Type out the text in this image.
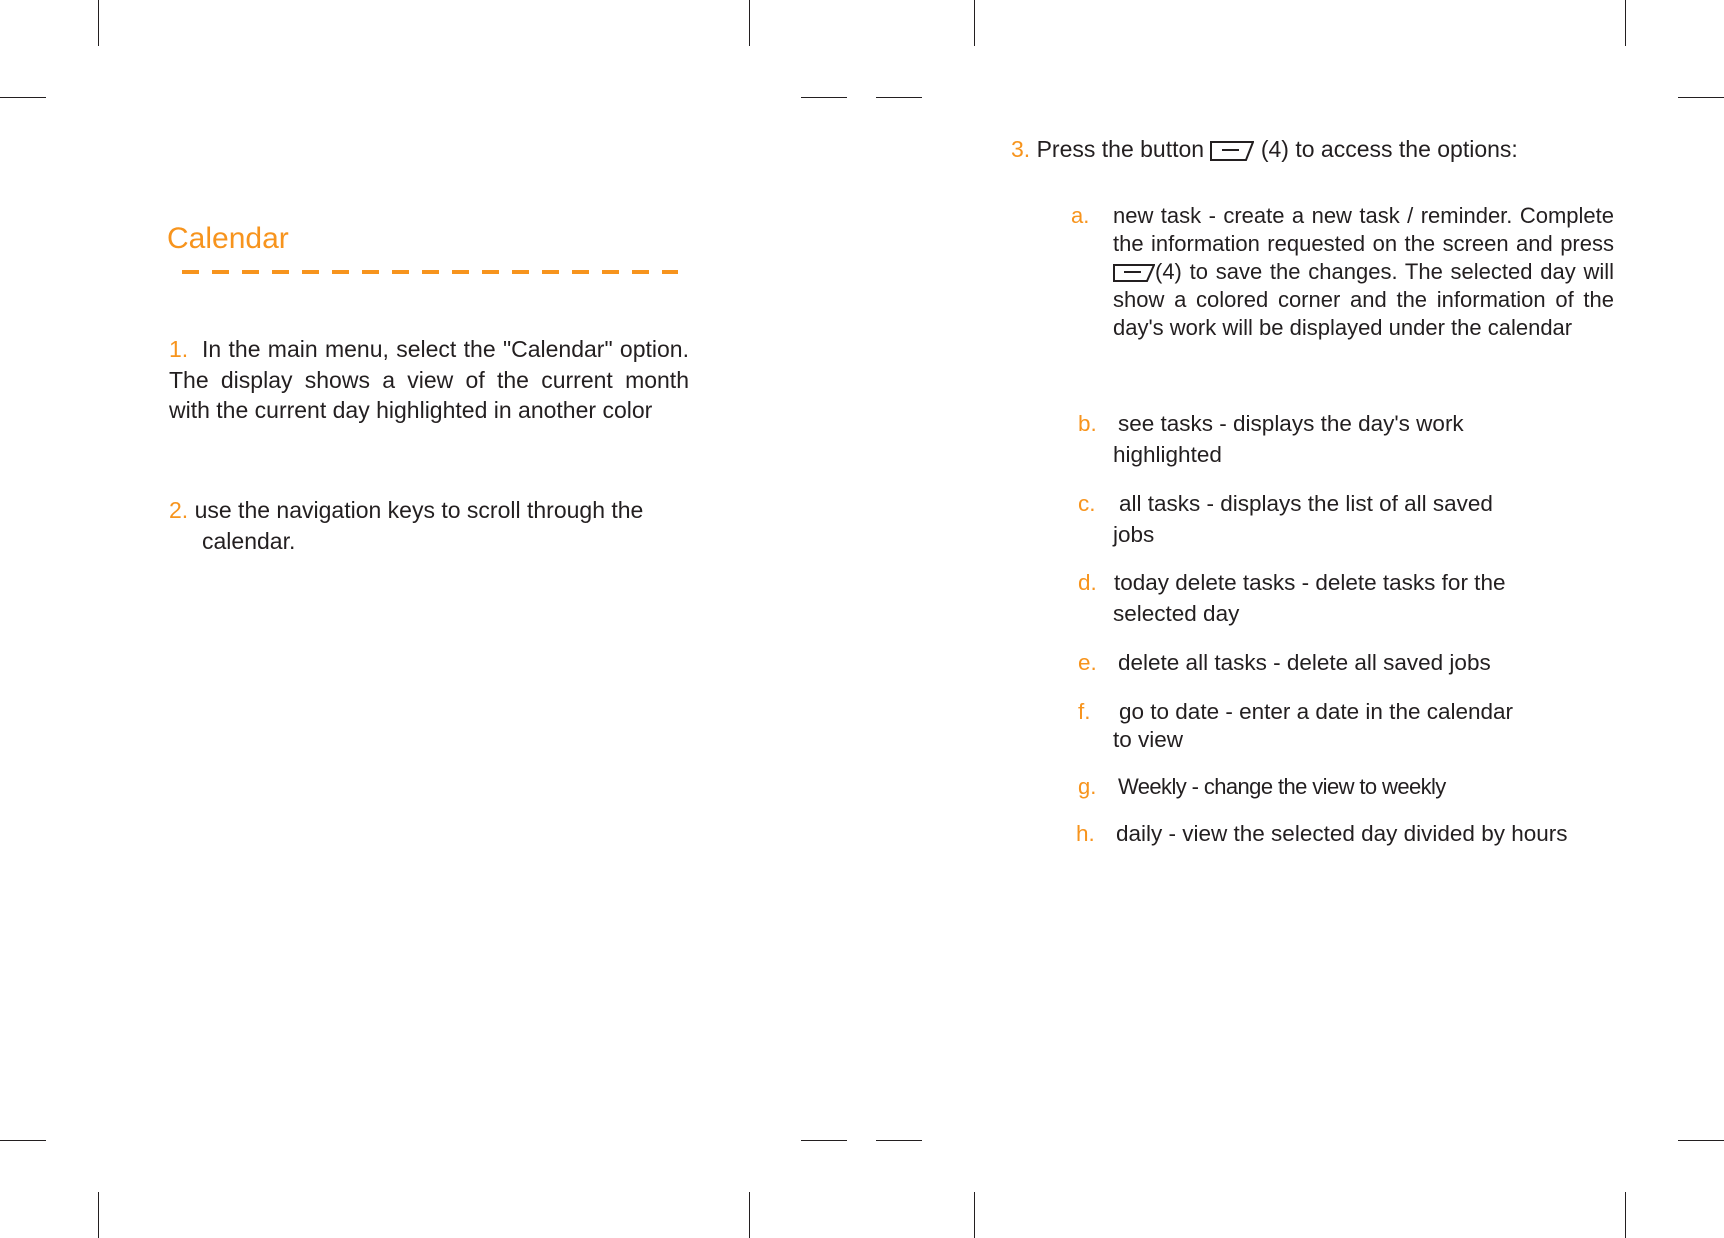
Calendar
1. In the main menu, select the "Calendar" option. The display shows a view of the current month with the current day highlighted in another color
2. use the navigation keys to scroll through the
calendar.
3. Press the button (4) to access the options:
a. new task - create a new task / reminder. Complete the information requested on the screen and press (4) to save the changes. The selected day will show a colored corner and the information of the day's work will be displayed under the calendar
b. see tasks - displays the day's work
highlighted
c. all tasks - displays the list of all saved
jobs
d. today delete tasks - delete tasks for the
selected day
e. delete all tasks - delete all saved jobs
f. go to date - enter a date in the calendar
to view
g. Weekly - change the view to weekly
h. daily - view the selected day divided by hours
